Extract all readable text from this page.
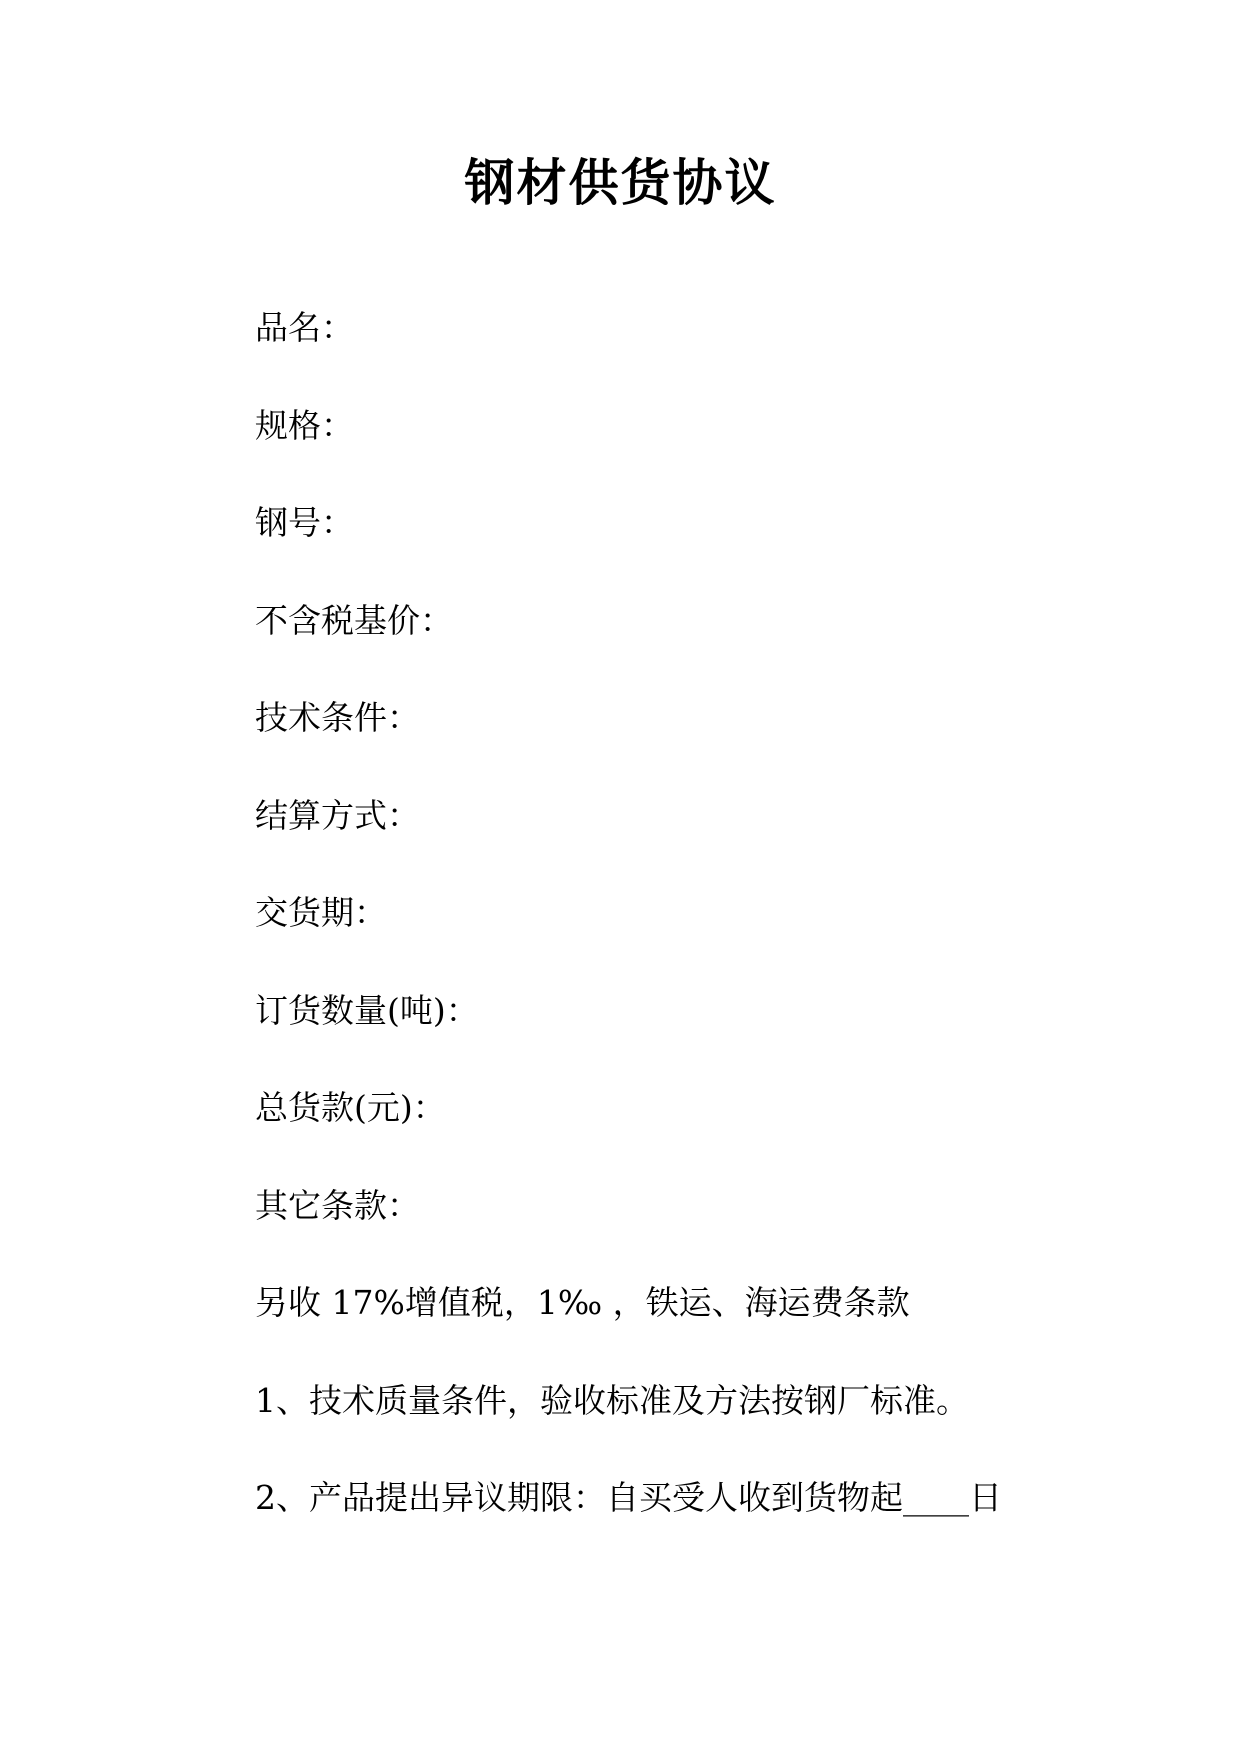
钢材供货协议
品名：
规格：
钢号：
不含税基价：
技术条件：
结算方式：
交货期：
订货数量(吨)：
总货款(元)：
其它条款：
另收 17%增值税，1‰ ，铁运、海运费条款
1、技术质量条件，验收标准及方法按钢厂标准。
2、产品提出异议期限：自买受人收到货物起____日
